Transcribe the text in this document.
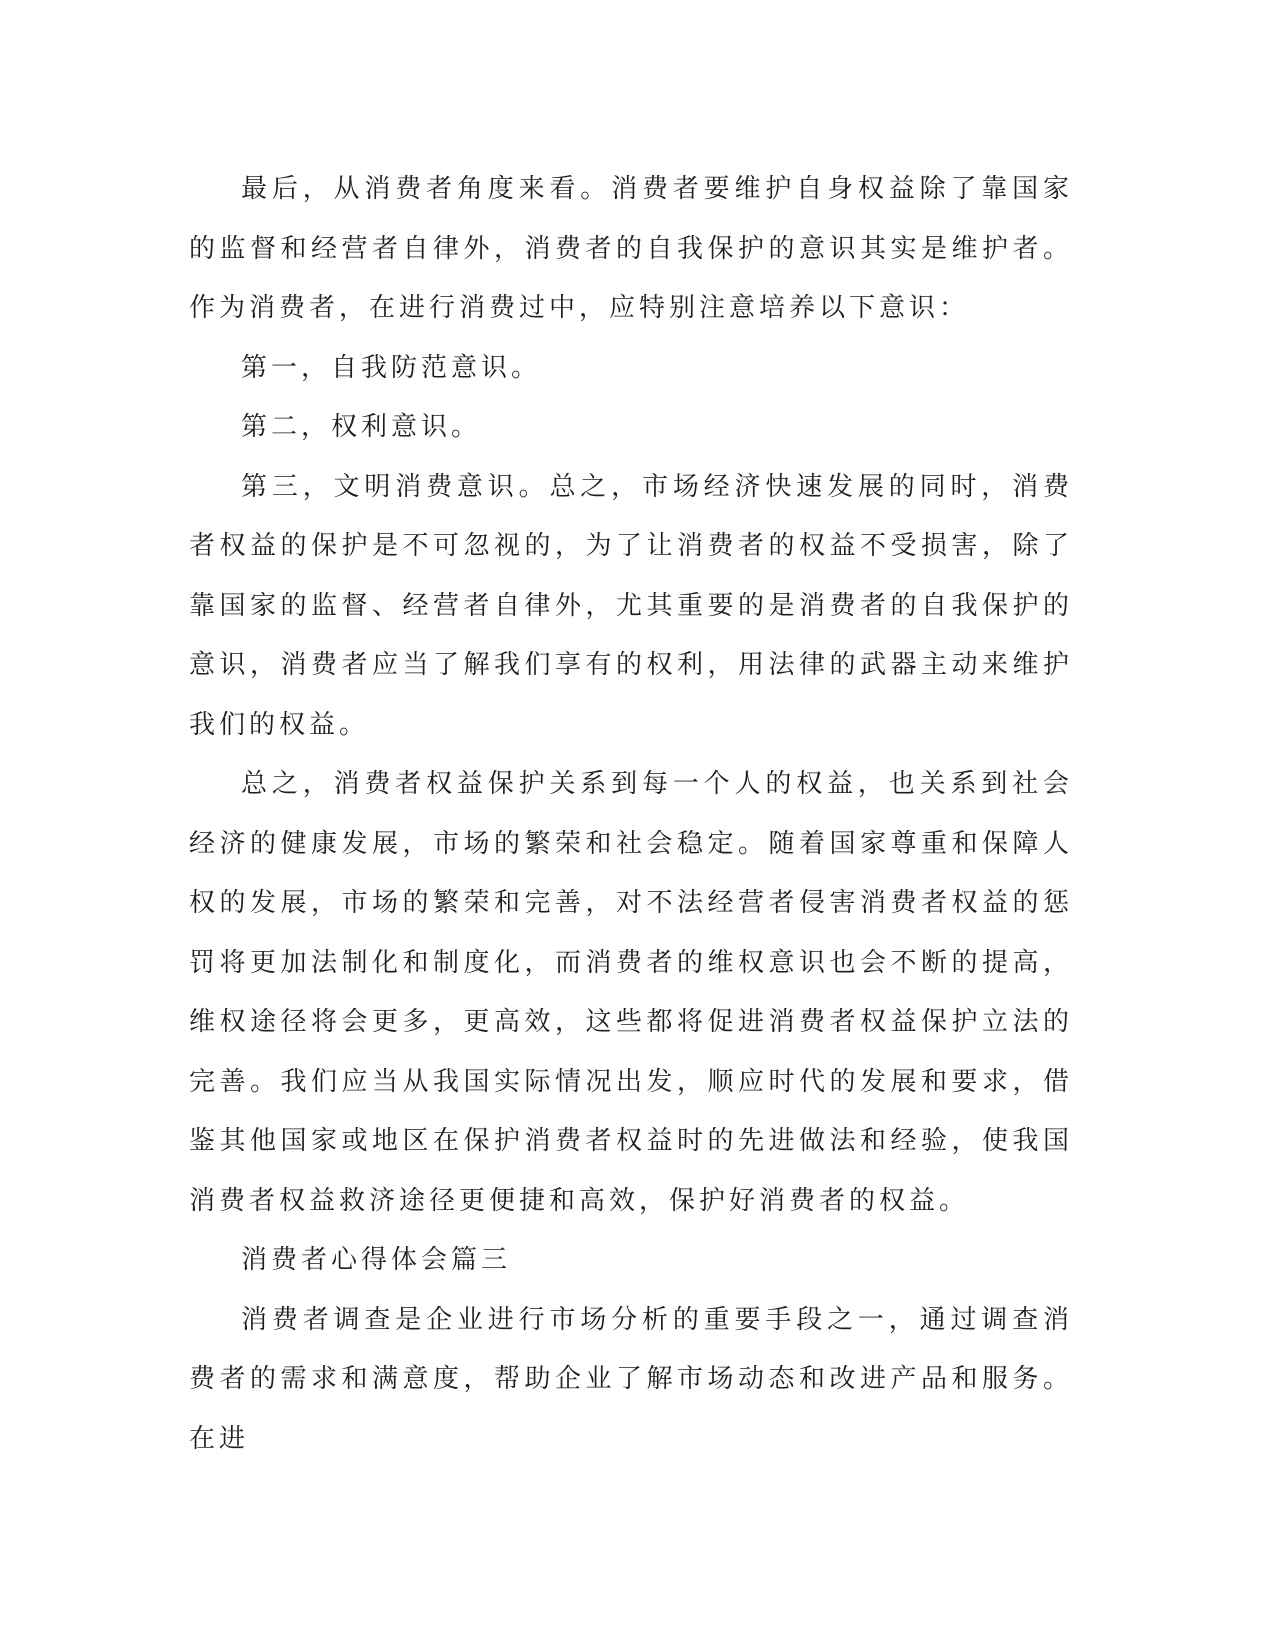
最后，从消费者角度来看。消费者要维护自身权益除了靠国家的监督和经营者自律外，消费者的自我保护的意识其实是维护者。作为消费者，在进行消费过中，应特别注意培养以下意识：

第一，自我防范意识。

第二，权利意识。

第三，文明消费意识。总之，市场经济快速发展的同时，消费者权益的保护是不可忽视的，为了让消费者的权益不受损害，除了靠国家的监督、经营者自律外，尤其重要的是消费者的自我保护的意识，消费者应当了解我们享有的权利，用法律的武器主动来维护我们的权益。

总之，消费者权益保护关系到每一个人的权益，也关系到社会经济的健康发展，市场的繁荣和社会稳定。随着国家尊重和保障人权的发展，市场的繁荣和完善，对不法经营者侵害消费者权益的惩罚将更加法制化和制度化，而消费者的维权意识也会不断的提高，维权途径将会更多，更高效，这些都将促进消费者权益保护立法的完善。我们应当从我国实际情况出发，顺应时代的发展和要求，借鉴其他国家或地区在保护消费者权益时的先进做法和经验，使我国消费者权益救济途径更便捷和高效，保护好消费者的权益。

消费者心得体会篇三

消费者调查是企业进行市场分析的重要手段之一，通过调查消费者的需求和满意度，帮助企业了解市场动态和改进产品和服务。在进
